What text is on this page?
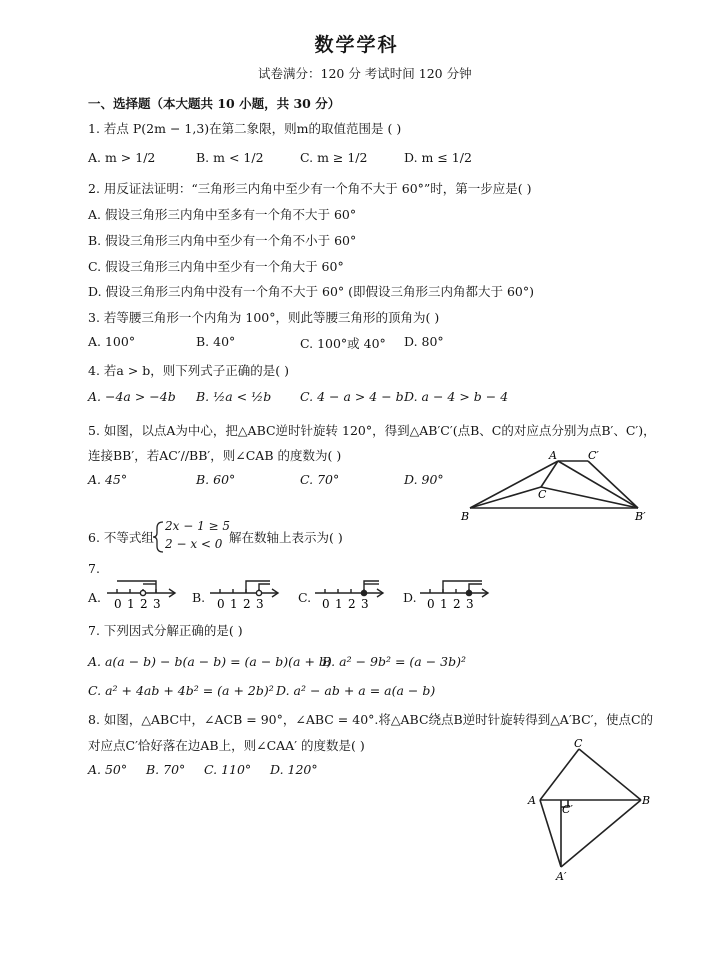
数学学科
试卷满分：120 分 考试时间 120 分钟
一、选择题（本大题共 10 小题，共 30 分）
1. 若点 P(2m − 1,3)在第二象限，则m的取值范围是 ( )
A. m > 1/2	B. m < 1/2	C. m ≥ 1/2	D. m ≤ 1/2
2. 用反证法证明：“三角形三内角中至少有一个角不大于 60°”时，第一步应是( )
A. 假设三角形三内角中至多有一个角不大于 60°
B. 假设三角形三内角中至少有一个角不小于 60°
C. 假设三角形三内角中至少有一个角大于 60°
D. 假设三角形三内角中没有一个角不大于 60° (即假设三角形三内角都大于 60°)
3. 若等腰三角形一个内角为 100°，则此等腰三角形的顶角为( )
A. 100°	B. 40°	C. 100°或 40° D. 80°
4. 若a > b，则下列式子正确的是( )
A. −4a > −4b B. ½a < ½b C. 4 − a > 4 − b D. a − 4 > b − 4
5. 如图，以点A为中心，把△ABC逆时针旋转 120°，得到△AB′C′(点B、C的对应点分别为点B′、C′)，
连接BB′，若AC′//BB′，则∠CAB 的度数为( )
A. 45°	B. 60°	C. 70°	D. 90°
A	C′
C
B	B′
6. 不等式组
2x − 1 ≥ 5
2 − x < 0 解在数轴上表示为( )
7.
A. 0 1 2 3	B. 0 1 2 3	C. 0 1 2 3	D. 0 1 2 3
7. 下列因式分解正确的是( )
A. a(a − b) − b(a − b) = (a − b)(a + b)
B. a² − 9b² = (a − 3b)²
C. a² + 4ab + 4b² = (a + 2b)² D. a² − ab + a = a(a − b)
8. 如图，△ABC中，∠ACB = 90°，∠ABC = 40°.将△ABC绕点B逆时针旋转得到△A′BC′，使点C的
对应点C′恰好落在边AB上，则∠CAA′ 的度数是( )
A. 50° B. 70° C. 110° D. 120°
C
A	B
C′
A′
